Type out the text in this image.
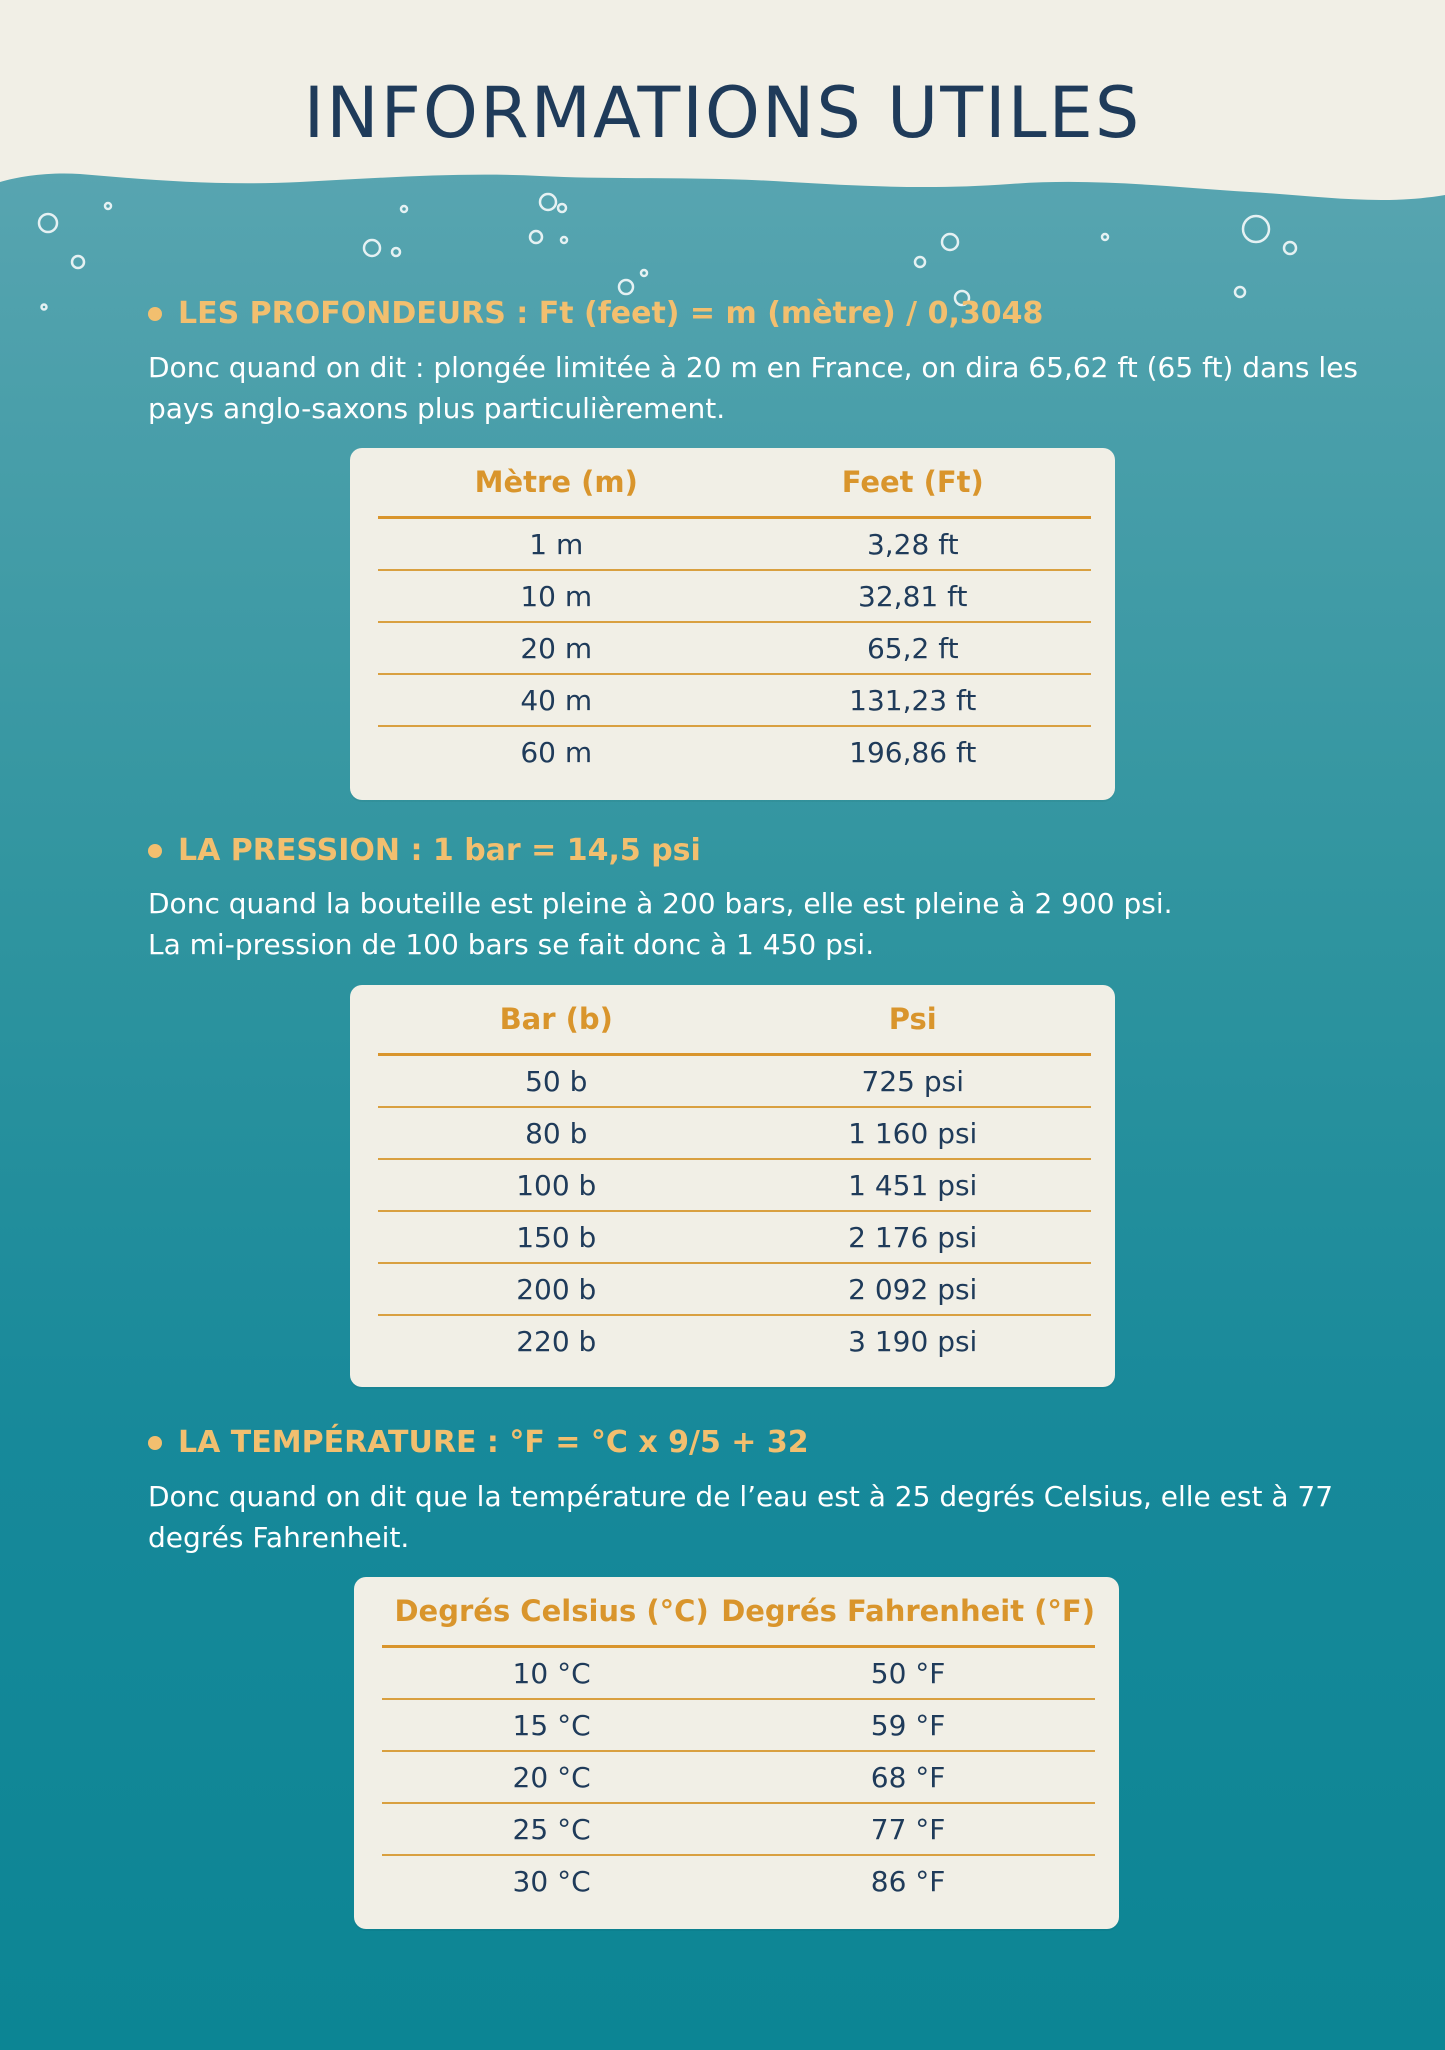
INFORMATIONS UTILES
LES PROFONDEURS : Ft (feet) = m (mètre) / 0,3048

Donc quand on dit : plongée limitée à 20 m en France, on dira 65,62 ft (65 ft) dans les pays anglo-saxons plus particulièrement.

Mètre (m)	Feet (Ft)
1 m	3,28 ft
10 m	32,81 ft
20 m	65,2 ft
40 m	131,23 ft
60 m	196,86 ft
LA PRESSION : 1 bar = 14,5 psi

Donc quand la bouteille est pleine à 200 bars, elle est pleine à 2 900 psi.
La mi-pression de 100 bars se fait donc à 1 450 psi.

Bar (b)	Psi
50 b	725 psi
80 b	1 160 psi
100 b	1 451 psi
150 b	2 176 psi
200 b	2 092 psi
220 b	3 190 psi
LA TEMPÉRATURE : °F = °C x 9/5 + 32

Donc quand on dit que la température de l’eau est à 25 degrés Celsius, elle est à 77 degrés Fahrenheit.

Degrés Celsius (°C)	Degrés Fahrenheit (°F)
10 °C	50 °F
15 °C	59 °F
20 °C	68 °F
25 °C	77 °F
30 °C	86 °F
